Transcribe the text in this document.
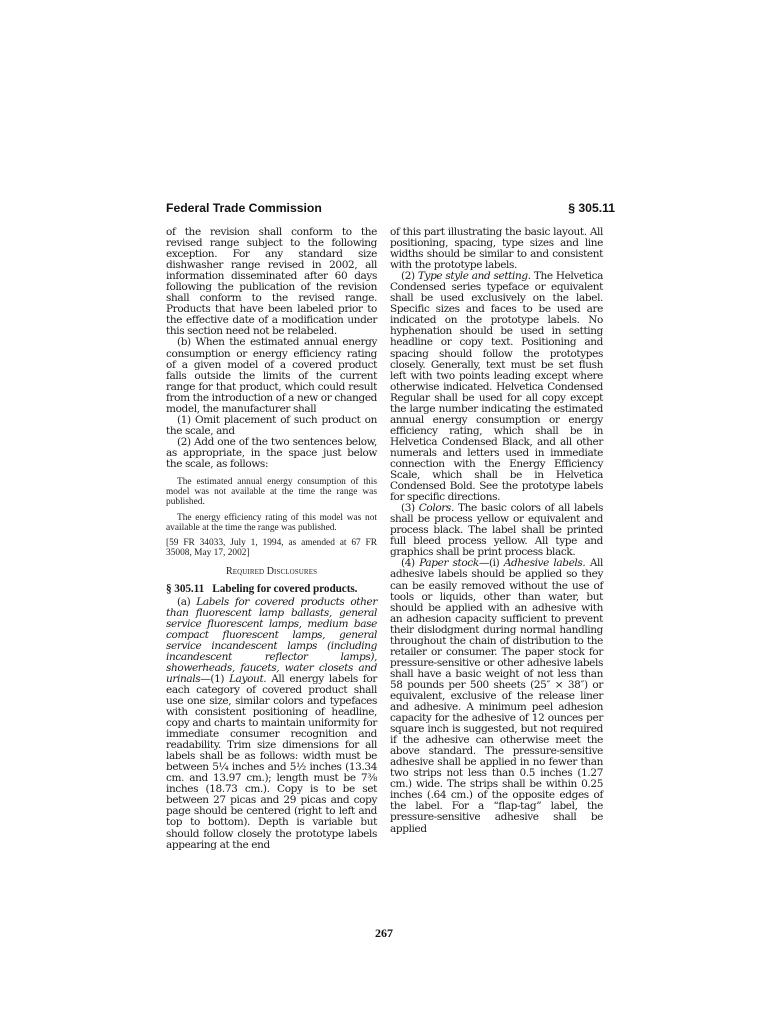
Federal Trade Commission	§ 305.11

of the revision shall conform to the revised range subject to the following exception. For any standard size dishwasher range revised in 2002, all information disseminated after 60 days following the publication of the revision shall conform to the revised range. Products that have been labeled prior to the effective date of a modification under this section need not be relabeled.

(b) When the estimated annual energy consumption or energy efficiency rating of a given model of a covered product falls outside the limits of the current range for that product, which could result from the introduction of a new or changed model, the manufacturer shall

(1) Omit placement of such product on the scale, and

(2) Add one of the two sentences below, as appropriate, in the space just below the scale, as follows:

The estimated annual energy consumption of this model was not available at the time the range was published.

The energy efficiency rating of this model was not available at the time the range was published.

[59 FR 34033, July 1, 1994, as amended at 67 FR 35008, May 17, 2002]

Required Disclosures

§ 305.11   Labeling for covered products.

(a) Labels for covered products other than fluorescent lamp ballasts, general service fluorescent lamps, medium base compact fluorescent lamps, general service incandescent lamps (including incandescent reflector lamps), showerheads, faucets, water closets and urinals—(1) Layout. All energy labels for each category of covered product shall use one size, similar colors and typefaces with consistent positioning of headline, copy and charts to maintain uniformity for immediate consumer recognition and readability. Trim size dimensions for all labels shall be as follows: width must be between 5¼ inches and 5½ inches (13.34 cm. and 13.97 cm.); length must be 7⅜ inches (18.73 cm.). Copy is to be set between 27 picas and 29 picas and copy page should be centered (right to left and top to bottom). Depth is variable but should follow closely the prototype labels appearing at the end

of this part illustrating the basic layout. All positioning, spacing, type sizes and line widths should be similar to and consistent with the prototype labels.

(2) Type style and setting. The Helvetica Condensed series typeface or equivalent shall be used exclusively on the label. Specific sizes and faces to be used are indicated on the prototype labels. No hyphenation should be used in setting headline or copy text. Positioning and spacing should follow the prototypes closely. Generally, text must be set flush left with two points leading except where otherwise indicated. Helvetica Condensed Regular shall be used for all copy except the large number indicating the estimated annual energy consumption or energy efficiency rating, which shall be in Helvetica Condensed Black, and all other numerals and letters used in immediate connection with the Energy Efficiency Scale, which shall be in Helvetica Condensed Bold. See the prototype labels for specific directions.

(3) Colors. The basic colors of all labels shall be process yellow or equivalent and process black. The label shall be printed full bleed process yellow. All type and graphics shall be print process black.

(4) Paper stock—(i) Adhesive labels. All adhesive labels should be applied so they can be easily removed without the use of tools or liquids, other than water, but should be applied with an adhesive with an adhesion capacity sufficient to prevent their dislodgment during normal handling throughout the chain of distribution to the retailer or consumer. The paper stock for pressure-sensitive or other adhesive labels shall have a basic weight of not less than 58 pounds per 500 sheets (25″ × 38″) or equivalent, exclusive of the release liner and adhesive. A minimum peel adhesion capacity for the adhesive of 12 ounces per square inch is suggested, but not required if the adhesive can otherwise meet the above standard. The pressure-sensitive adhesive shall be applied in no fewer than two strips not less than 0.5 inches (1.27 cm.) wide. The strips shall be within 0.25 inches (.64 cm.) of the opposite edges of the label. For a “flap-tag” label, the pressure-sensitive adhesive shall be applied

267
